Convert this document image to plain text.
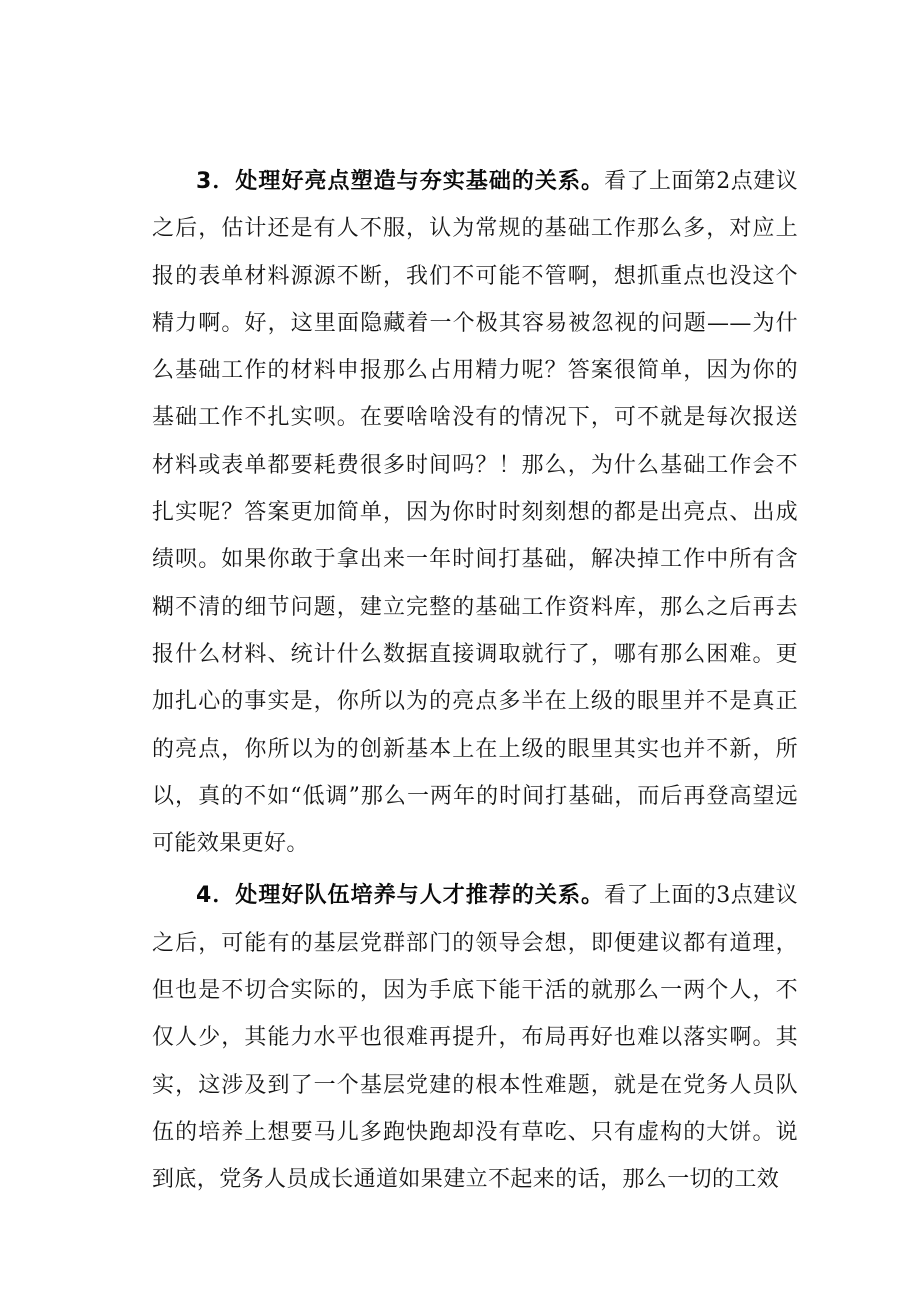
3．处理好亮点塑造与夯实基础的关系。看了上面第2点建议之后，估计还是有人不服，认为常规的基础工作那么多，对应上报的表单材料源源不断，我们不可能不管啊，想抓重点也没这个精力啊。好，这里面隐藏着一个极其容易被忽视的问题——为什么基础工作的材料申报那么占用精力呢？答案很简单，因为你的基础工作不扎实呗。在要啥啥没有的情况下，可不就是每次报送材料或表单都要耗费很多时间吗？！那么，为什么基础工作会不扎实呢？答案更加简单，因为你时时刻刻想的都是出亮点、出成绩呗。如果你敢于拿出来一年时间打基础，解决掉工作中所有含糊不清的细节问题，建立完整的基础工作资料库，那么之后再去报什么材料、统计什么数据直接调取就行了，哪有那么困难。更加扎心的事实是，你所以为的亮点多半在上级的眼里并不是真正的亮点，你所以为的创新基本上在上级的眼里其实也并不新，所以，真的不如“低调”那么一两年的时间打基础，而后再登高望远可能效果更好。

4．处理好队伍培养与人才推荐的关系。看了上面的3点建议之后，可能有的基层党群部门的领导会想，即便建议都有道理，但也是不切合实际的，因为手底下能干活的就那么一两个人，不仅人少，其能力水平也很难再提升，布局再好也难以落实啊。其实，这涉及到了一个基层党建的根本性难题，就是在党务人员队伍的培养上想要马儿多跑快跑却没有草吃、只有虚构的大饼。说到底，党务人员成长通道如果建立不起来的话，那么一切的工效
